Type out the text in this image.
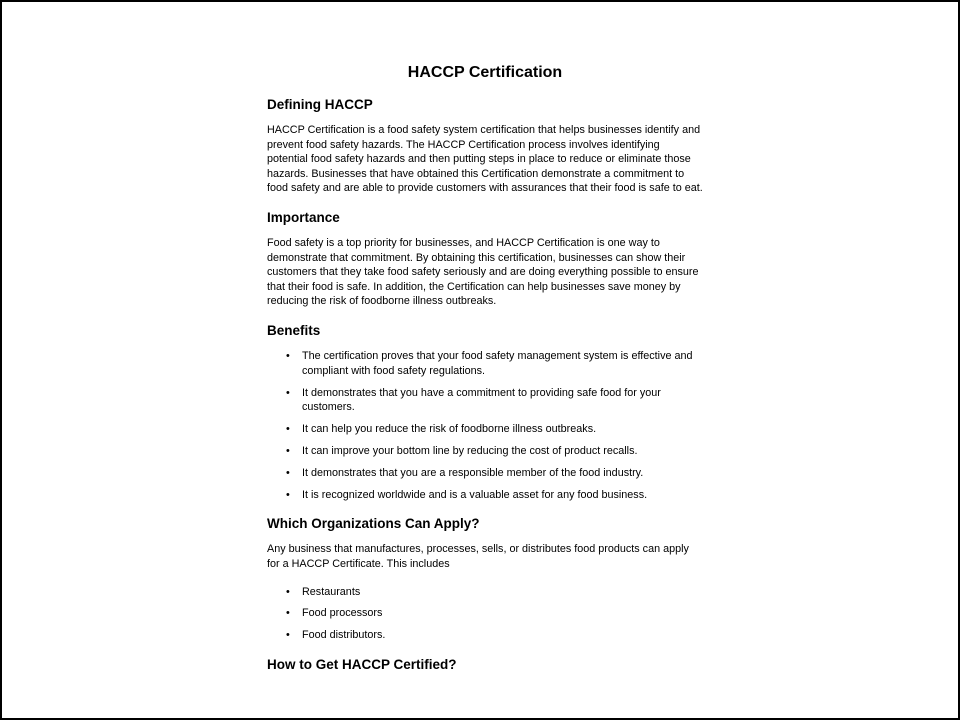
HACCP Certification
Defining HACCP

HACCP Certification is a food safety system certification that helps businesses identify and prevent food safety hazards. The HACCP Certification process involves identifying potential food safety hazards and then putting steps in place to reduce or eliminate those hazards. Businesses that have obtained this Certification demonstrate a commitment to food safety and are able to provide customers with assurances that their food is safe to eat.

Importance

Food safety is a top priority for businesses, and HACCP Certification is one way to demonstrate that commitment. By obtaining this certification, businesses can show their customers that they take food safety seriously and are doing everything possible to ensure that their food is safe. In addition, the Certification can help businesses save money by reducing the risk of foodborne illness outbreaks.

Benefits
• The certification proves that your food safety management system is effective and compliant with food safety regulations.
• It demonstrates that you have a commitment to providing safe food for your customers.
• It can help you reduce the risk of foodborne illness outbreaks.
• It can improve your bottom line by reducing the cost of product recalls.
• It demonstrates that you are a responsible member of the food industry.
• It is recognized worldwide and is a valuable asset for any food business.
Which Organizations Can Apply?

Any business that manufactures, processes, sells, or distributes food products can apply for a HACCP Certificate. This includes

• Restaurants
• Food processors
• Food distributors.
How to Get HACCP Certified?
